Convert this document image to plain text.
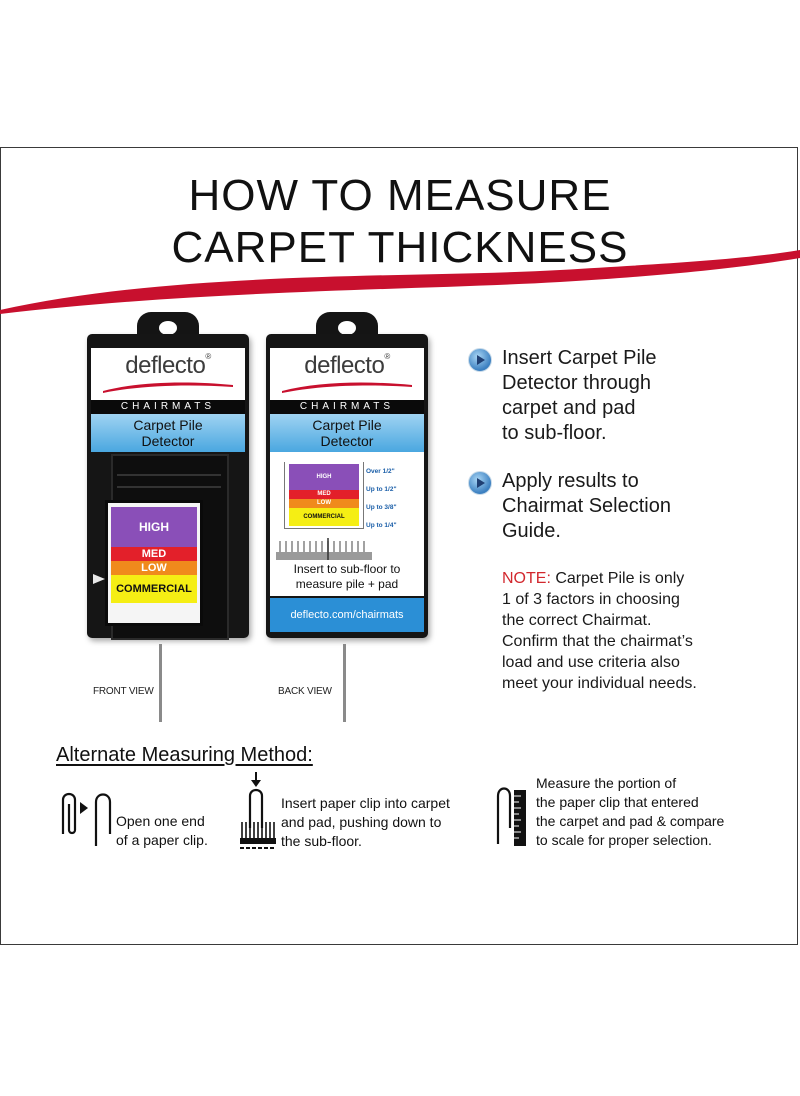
HOW TO MEASURE
CARPET THICKNESS
deflecto®
CHAIRMATS
Carpet Pile
Detector
HIGH
MED
LOW
COMMERCIAL
FRONT VIEW
deflecto®
CHAIRMATS
Carpet Pile
Detector
HIGH
MED
LOW
COMMERCIAL
Over 1/2"
Up to 1/2"
Up to 3/8"
Up to 1/4"
Insert to sub-floor to
measure pile + pad
deflecto.com/chairmats
BACK VIEW
Insert Carpet Pile
Detector through
carpet and pad
to sub-floor.
Apply results to
Chairmat Selection
Guide.
NOTE: Carpet Pile is only
1 of 3 factors in choosing
the correct Chairmat.
Confirm that the chairmat’s
load and use criteria also
meet your individual needs.
Alternate Measuring Method:
Open one end
of a paper clip.
Insert paper clip into carpet
and pad, pushing down to
the sub-floor.
Measure the portion of
the paper clip that entered
the carpet and pad & compare
to scale for proper selection.
